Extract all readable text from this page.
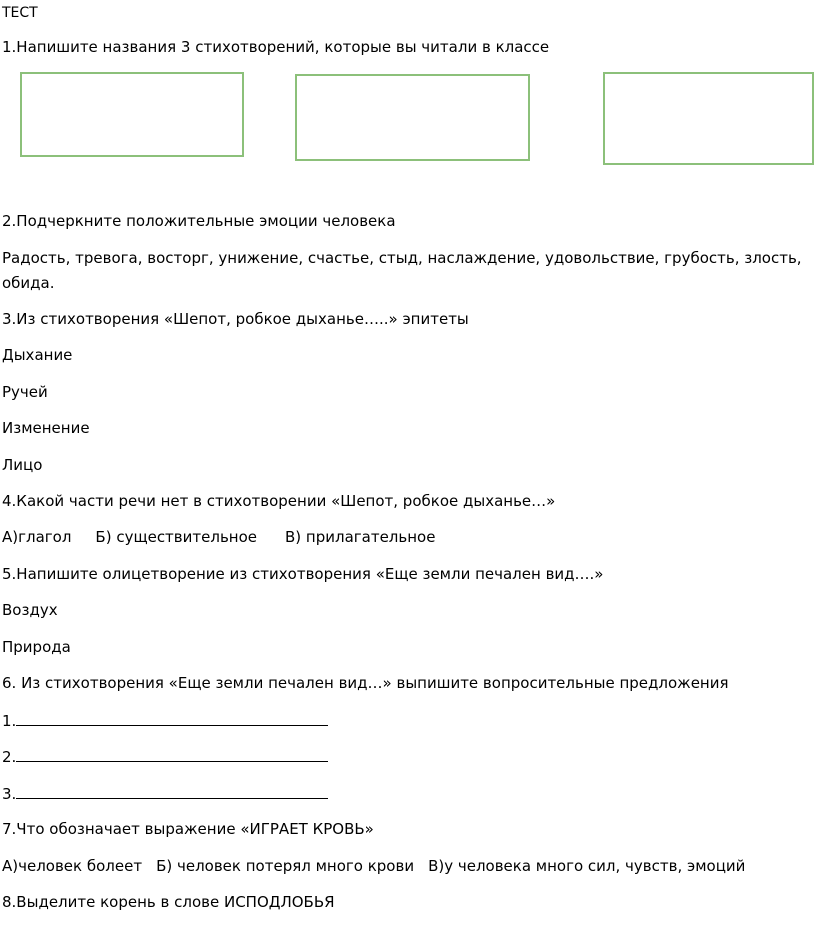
ТЕСТ
1.Напишите названия 3 стихотворений, которые вы читали в классе
2.Подчеркните положительные эмоции человека
Радость, тревога, восторг, унижение, счастье, стыд, наслаждение, удовольствие, грубость, злость,
обида.
3.Из стихотворения «Шепот, робкое дыханье…..» эпитеты
Дыхание
Ручей
Изменение
Лицо
4.Какой части речи нет в стихотворении «Шепот, робкое дыханье…»
А)глагол Б) существительное В) прилагательное
5.Напишите олицетворение из стихотворения «Еще земли печален вид….»
Воздух
Природа
6. Из стихотворения «Еще земли печален вид…» выпишите вопросительные предложения
1.
2.
3.
7.Что обозначает выражение «ИГРАЕТ КРОВЬ»
А)человек болеет Б) человек потерял много крови В)у человека много сил, чувств, эмоций
8.Выделите корень в слове ИСПОДЛОБЬЯ
